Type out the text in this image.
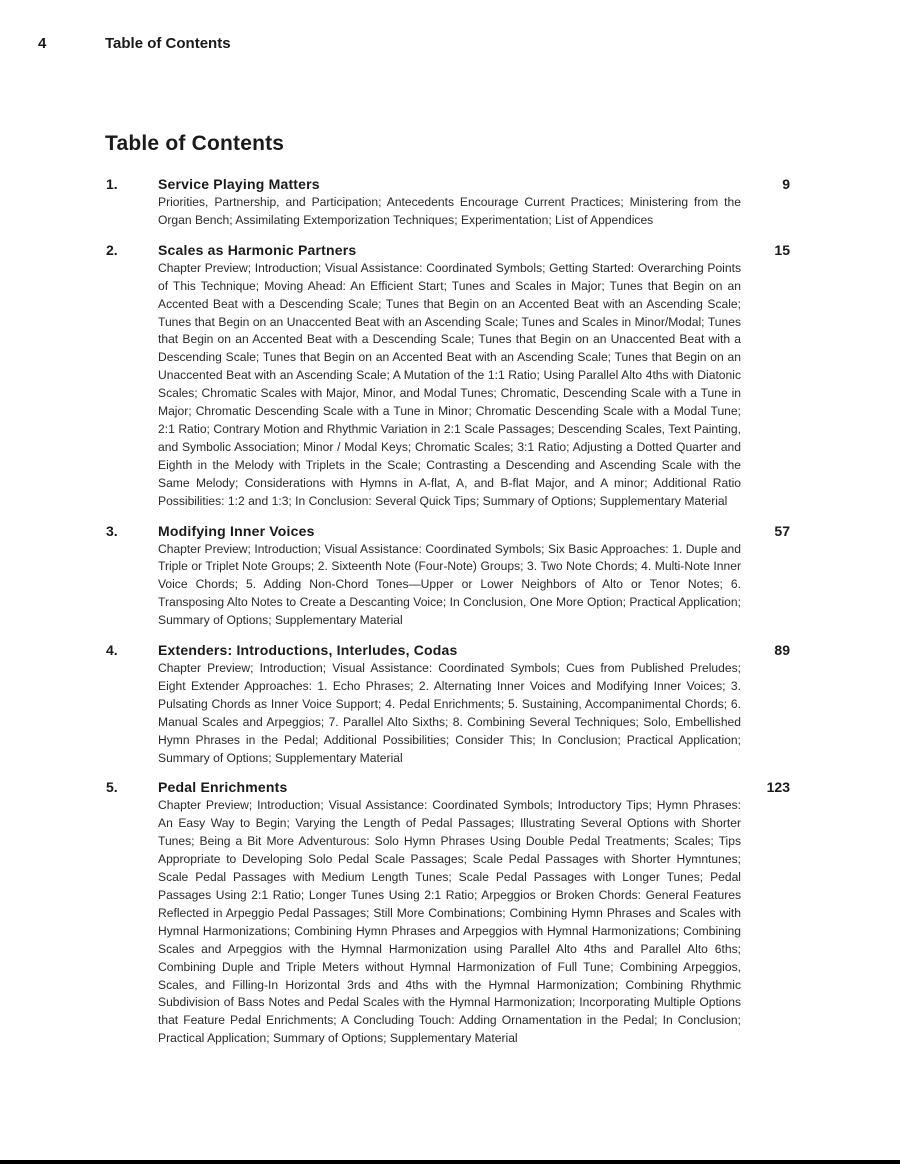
4	Table of Contents
Table of Contents
1.	Service Playing Matters	9
Priorities, Partnership, and Participation; Antecedents Encourage Current Practices; Ministering from the Organ Bench; Assimilating Extemporization Techniques; Experimentation; List of Appendices
2.	Scales as Harmonic Partners	15
Chapter Preview; Introduction; Visual Assistance: Coordinated Symbols; Getting Started: Overarching Points of This Technique; Moving Ahead: An Efficient Start; Tunes and Scales in Major; Tunes that Begin on an Accented Beat with a Descending Scale; Tunes that Begin on an Accented Beat with an Ascending Scale; Tunes that Begin on an Unaccented Beat with an Ascending Scale; Tunes and Scales in Minor/Modal; Tunes that Begin on an Accented Beat with a Descending Scale; Tunes that Begin on an Unaccented Beat with a Descending Scale; Tunes that Begin on an Accented Beat with an Ascending Scale; Tunes that Begin on an Unaccented Beat with an Ascending Scale; A Mutation of the 1:1 Ratio; Using Parallel Alto 4ths with Diatonic Scales; Chromatic Scales with Major, Minor, and Modal Tunes; Chromatic, Descending Scale with a Tune in Major; Chromatic Descending Scale with a Tune in Minor; Chromatic Descending Scale with a Modal Tune; 2:1 Ratio; Contrary Motion and Rhythmic Variation in 2:1 Scale Passages; Descending Scales, Text Painting, and Symbolic Association; Minor / Modal Keys; Chromatic Scales; 3:1 Ratio; Adjusting a Dotted Quarter and Eighth in the Melody with Triplets in the Scale; Contrasting a Descending and Ascending Scale with the Same Melody; Considerations with Hymns in A-flat, A, and B-flat Major, and A minor; Additional Ratio Possibilities: 1:2 and 1:3; In Conclusion: Several Quick Tips; Summary of Options; Supplementary Material
3.	Modifying Inner Voices	57
Chapter Preview; Introduction; Visual Assistance: Coordinated Symbols; Six Basic Approaches: 1. Duple and Triple or Triplet Note Groups; 2. Sixteenth Note (Four-Note) Groups; 3. Two Note Chords; 4. Multi-Note Inner Voice Chords; 5. Adding Non-Chord Tones—Upper or Lower Neighbors of Alto or Tenor Notes; 6. Transposing Alto Notes to Create a Descanting Voice; In Conclusion, One More Option; Practical Application; Summary of Options; Supplementary Material
4.	Extenders: Introductions, Interludes, Codas	89
Chapter Preview; Introduction; Visual Assistance: Coordinated Symbols; Cues from Published Preludes; Eight Extender Approaches: 1. Echo Phrases; 2. Alternating Inner Voices and Modifying Inner Voices; 3. Pulsating Chords as Inner Voice Support; 4. Pedal Enrichments; 5. Sustaining, Accompanimental Chords; 6. Manual Scales and Arpeggios; 7. Parallel Alto Sixths; 8. Combining Several Techniques; Solo, Embellished Hymn Phrases in the Pedal; Additional Possibilities; Consider This; In Conclusion; Practical Application; Summary of Options; Supplementary Material
5.	Pedal Enrichments	123
Chapter Preview; Introduction; Visual Assistance: Coordinated Symbols; Introductory Tips; Hymn Phrases: An Easy Way to Begin; Varying the Length of Pedal Passages; Illustrating Several Options with Shorter Tunes; Being a Bit More Adventurous: Solo Hymn Phrases Using Double Pedal Treatments; Scales; Tips Appropriate to Developing Solo Pedal Scale Passages; Scale Pedal Passages with Shorter Hymntunes; Scale Pedal Passages with Medium Length Tunes; Scale Pedal Passages with Longer Tunes; Pedal Passages Using 2:1 Ratio; Longer Tunes Using 2:1 Ratio; Arpeggios or Broken Chords: General Features Reflected in Arpeggio Pedal Passages; Still More Combinations; Combining Hymn Phrases and Scales with Hymnal Harmonizations; Combining Hymn Phrases and Arpeggios with Hymnal Harmonizations; Combining Scales and Arpeggios with the Hymnal Harmonization using Parallel Alto 4ths and Parallel Alto 6ths; Combining Duple and Triple Meters without Hymnal Harmonization of Full Tune; Combining Arpeggios, Scales, and Filling-In Horizontal 3rds and 4ths with the Hymnal Harmonization; Combining Rhythmic Subdivision of Bass Notes and Pedal Scales with the Hymnal Harmonization; Incorporating Multiple Options that Feature Pedal Enrichments; A Concluding Touch: Adding Ornamentation in the Pedal; In Conclusion; Practical Application; Summary of Options; Supplementary Material
